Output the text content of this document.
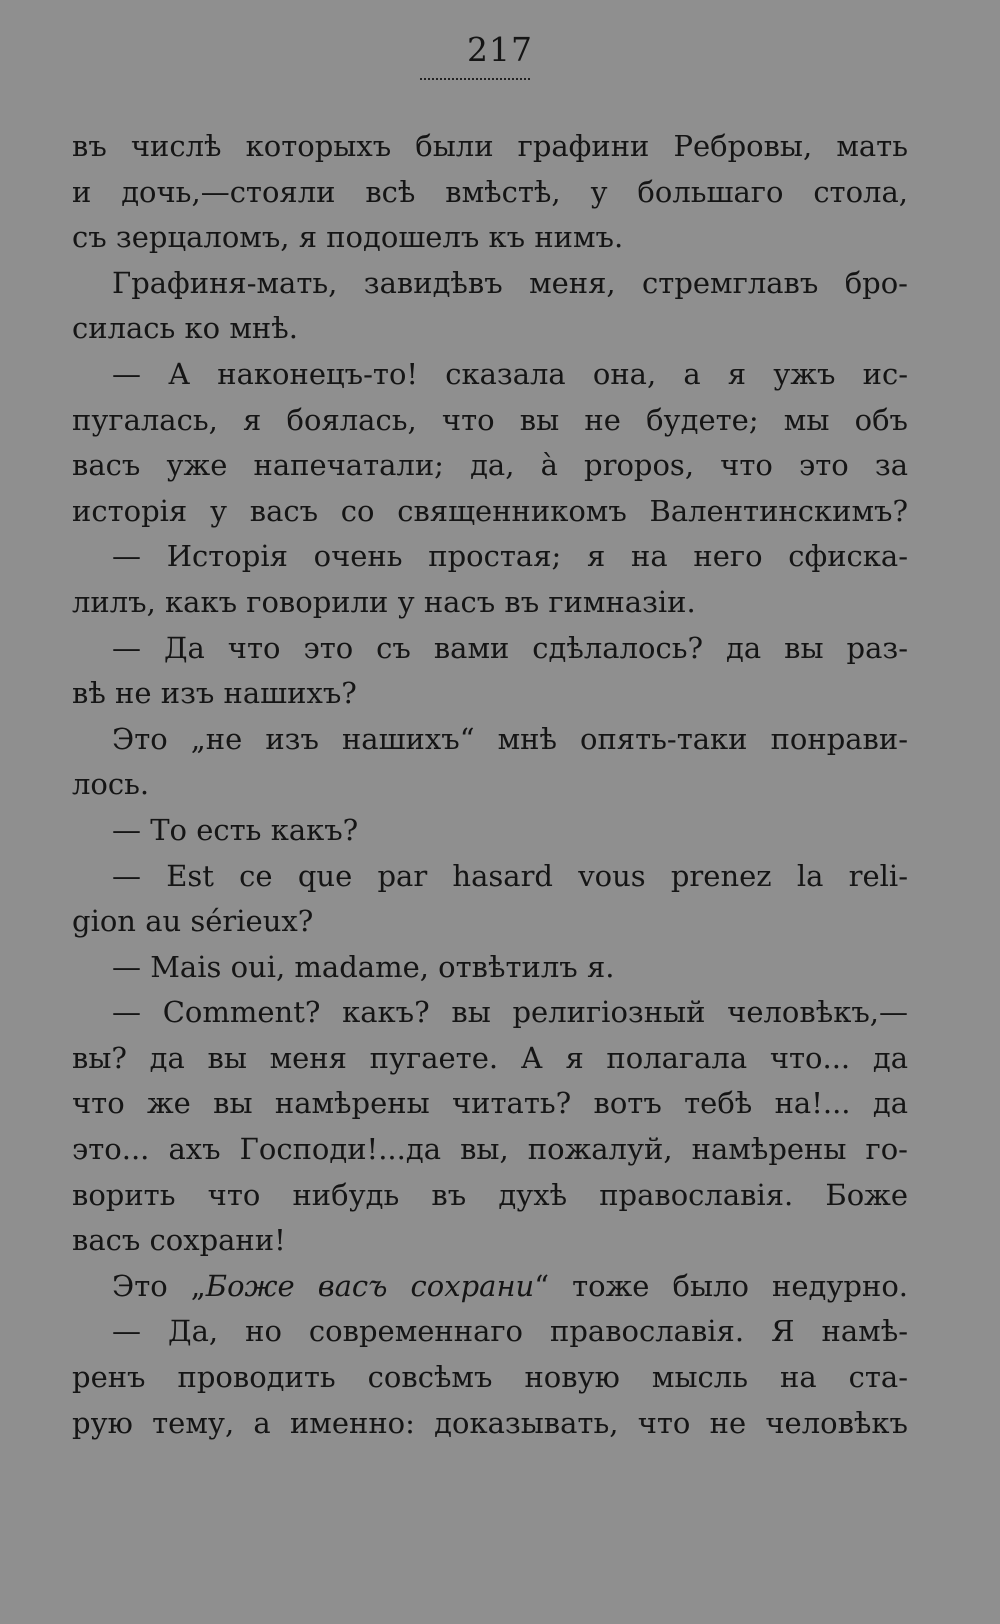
217
въ числѣ которыхъ были графини Ребровы, мать
и дочь,—стояли всѣ вмѣстѣ, у большаго стола,
съ зерцаломъ, я подошелъ къ нимъ.
Графиня-мать, завидѣвъ меня, стремглавъ бро-
силась ко мнѣ.
— А наконецъ-то! сказала она, а я ужъ ис-
пугалась, я боялась, что вы не будете; мы объ
васъ уже напечатали; да, à propos, что это за
исторія у васъ со священникомъ Валентинскимъ?
— Исторія очень простая; я на него сфиска-
лилъ, какъ говорили у насъ въ гимназіи.
— Да что это съ вами сдѣлалось? да вы раз-
вѣ не изъ нашихъ?
Это „не изъ нашихъ“ мнѣ опять-таки понрави-
лось.
— То есть какъ?
— Est ce que par hasard vous prenez la reli-
gion au sérieux?
— Mais oui, madame, отвѣтилъ я.
— Comment? какъ? вы религіозный человѣкъ,—
вы? да вы меня пугаете. А я полагала что... да
что же вы намѣрены читать? вотъ тебѣ на!... да
это... ахъ Господи!...да вы, пожалуй, намѣрены го-
ворить что нибудь въ духѣ православія. Боже
васъ сохрани!
Это „Боже васъ сохрани“ тоже было недурно.
— Да, но современнаго православія. Я намѣ-
ренъ проводить совсѣмъ новую мысль на ста-
рую тему, а именно: доказывать, что не человѣкъ
